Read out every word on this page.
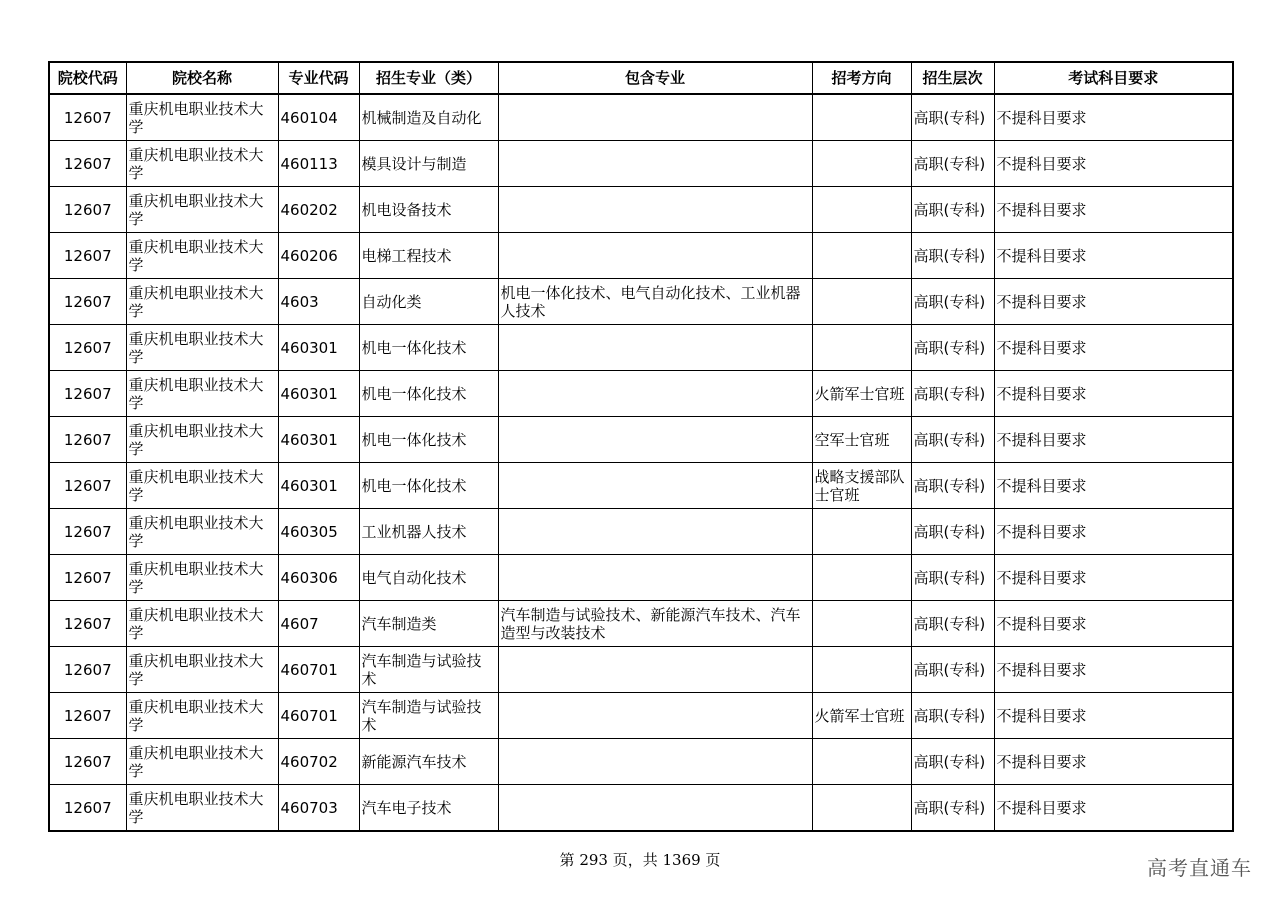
院校代码	院校名称	专业代码	招生专业（类）	包含专业	招考方向	招生层次	考试科目要求
12607	重庆机电职业技术大学	460104	机械制造及自动化			高职(专科)	不提科目要求
12607	重庆机电职业技术大学	460113	模具设计与制造			高职(专科)	不提科目要求
12607	重庆机电职业技术大学	460202	机电设备技术			高职(专科)	不提科目要求
12607	重庆机电职业技术大学	460206	电梯工程技术			高职(专科)	不提科目要求
12607	重庆机电职业技术大学	4603	自动化类	机电一体化技术、电气自动化技术、工业机器人技术		高职(专科)	不提科目要求
12607	重庆机电职业技术大学	460301	机电一体化技术			高职(专科)	不提科目要求
12607	重庆机电职业技术大学	460301	机电一体化技术		火箭军士官班	高职(专科)	不提科目要求
12607	重庆机电职业技术大学	460301	机电一体化技术		空军士官班	高职(专科)	不提科目要求
12607	重庆机电职业技术大学	460301	机电一体化技术		战略支援部队士官班	高职(专科)	不提科目要求
12607	重庆机电职业技术大学	460305	工业机器人技术			高职(专科)	不提科目要求
12607	重庆机电职业技术大学	460306	电气自动化技术			高职(专科)	不提科目要求
12607	重庆机电职业技术大学	4607	汽车制造类	汽车制造与试验技术、新能源汽车技术、汽车造型与改装技术		高职(专科)	不提科目要求
12607	重庆机电职业技术大学	460701	汽车制造与试验技术			高职(专科)	不提科目要求
12607	重庆机电职业技术大学	460701	汽车制造与试验技术		火箭军士官班	高职(专科)	不提科目要求
12607	重庆机电职业技术大学	460702	新能源汽车技术			高职(专科)	不提科目要求
12607	重庆机电职业技术大学	460703	汽车电子技术			高职(专科)	不提科目要求
第 293 页，共 1369 页	高考直通车
